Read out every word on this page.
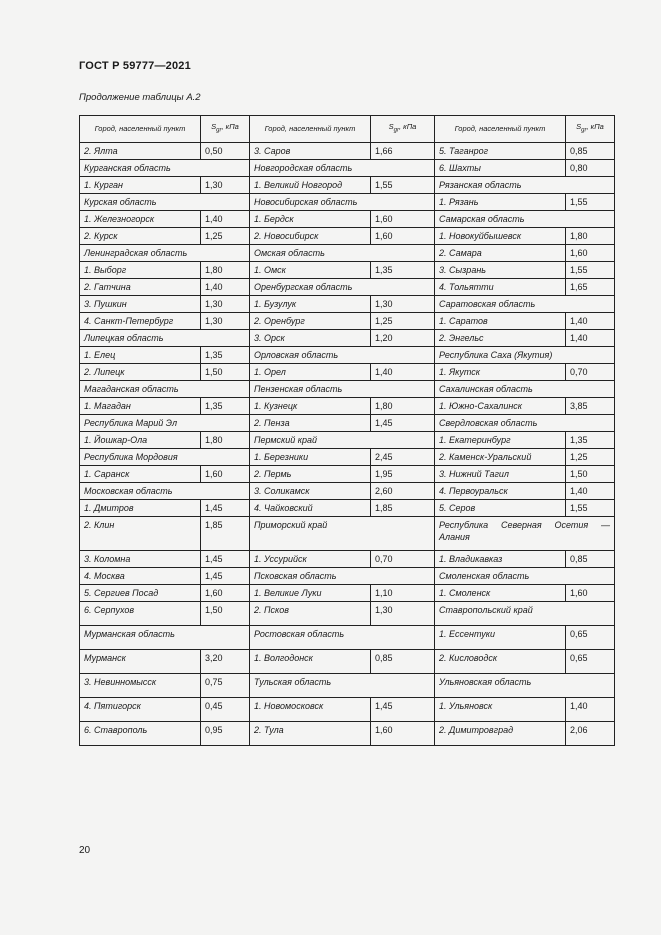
ГОСТ Р 59777—2021
Продолжение таблицы А.2
Город, населенный пункт	$S_{gr}$, кПа	Город, населенный пункт	$S_{gr}$, кПа	Город, населенный пункт	$S_{gr}$, кПа
2. Ялта	0,50	3. Саров	1,66	5. Таганрог	0,85
Курганская область		Новгородская область		6. Шахты	0,80
1. Курган	1,30	1. Великий Новгород	1,55	Рязанская область	
Курская область		Новосибирская область		1. Рязань	1,55
1. Железногорск	1,40	1. Бердск	1,60	Самарская область	
2. Курск	1,25	2. Новосибирск	1,60	1. Новокуйбышевск	1,80
Ленинградская область		Омская область		2. Самара	1,60
1. Выборг	1,80	1. Омск	1,35	3. Сызрань	1,55
2. Гатчина	1,40	Оренбургская область		4. Тольятти	1,65
3. Пушкин	1,30	1. Бузулук	1,30	Саратовская область	
4. Санкт-Петербург	1,30	2. Оренбург	1,25	1. Саратов	1,40
Липецкая область		3. Орск	1,20	2. Энгельс	1,40
1. Елец	1,35	Орловская область		Республика Саха (Якутия)	
2. Липецк	1,50	1. Орел	1,40	1. Якутск	0,70
Магаданская область		Пензенская область		Сахалинская область	
1. Магадан	1,35	1. Кузнецк	1,80	1. Южно-Сахалинск	3,85
Республика Марий Эл		2. Пенза	1,45	Свердловская область	
1. Йошкар-Ола	1,80	Пермский край		1. Екатеринбург	1,35
Республика Мордовия		1. Березники	2,45	2. Каменск-Уральский	1,25
1. Саранск	1,60	2. Пермь	1,95	3. Нижний Тагил	1,50
Московская область		3. Соликамск	2,60	4. Первоуральск	1,40
1. Дмитров	1,45	4. Чайковский	1,85	5. Серов	1,55
2. Клин	1,85	Приморский край		Республика Северная Осетия — Алания	
3. Коломна	1,45	1. Уссурийск	0,70	1. Владикавказ	0,85
4. Москва	1,45	Псковская область		Смоленская область	
5. Сергиев Посад	1,60	1. Великие Луки	1,10	1. Смоленск	1,60
6. Серпухов	1,50	2. Псков	1,30	Ставропольский край	
Мурманская область		Ростовская область		1. Ессентуки	0,65
Мурманск	3,20	1. Волгодонск	0,85	2. Кисловодск	0,65
3. Невинномысск	0,75	Тульская область		Ульяновская область	
4. Пятигорск	0,45	1. Новомосковск	1,45	1. Ульяновск	1,40
6. Ставрополь	0,95	2. Тула	1,60	2. Димитровград	2,06
20
